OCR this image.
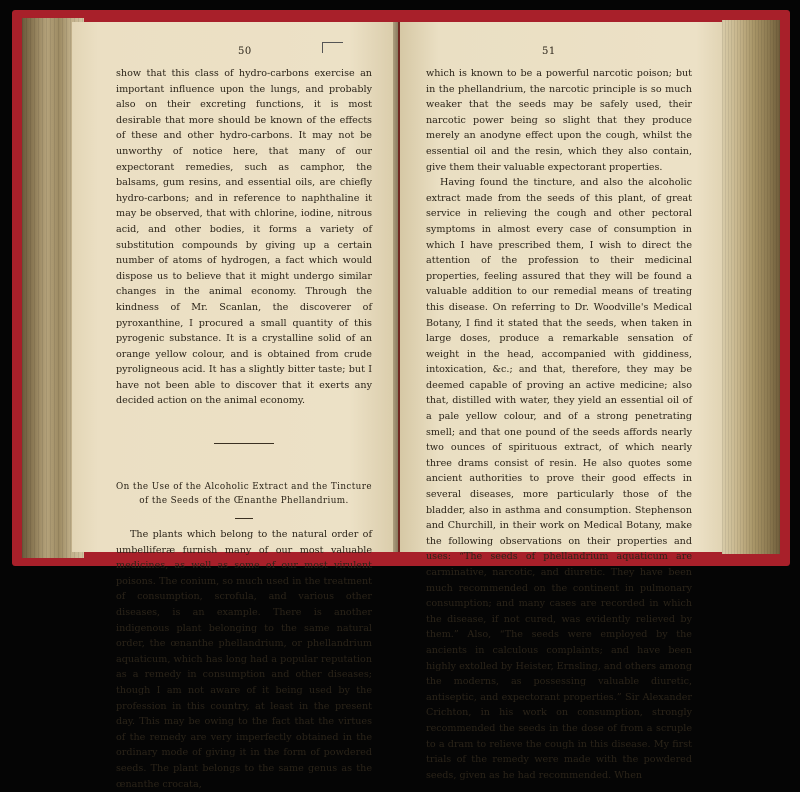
50

show that this class of hydro-carbons exercise an important influence upon the lungs, and probably also on their excreting functions, it is most desirable that more should be known of the effects of these and other hydro-carbons. It may not be unworthy of notice here, that many of our expectorant remedies, such as camphor, the balsams, gum resins, and essential oils, are chiefly hydro-carbons; and in reference to naphthaline it may be observed, that with chlorine, iodine, nitrous acid, and other bodies, it forms a variety of substitution compounds by giving up a certain number of atoms of hydrogen, a fact which would dispose us to believe that it might undergo similar changes in the animal economy. Through the kindness of Mr. Scanlan, the discoverer of pyroxanthine, I procured a small quantity of this pyrogenic substance. It is a crystalline solid of an orange yellow colour, and is obtained from crude pyroligneous acid. It has a slightly bitter taste; but I have not been able to discover that it exerts any decided action on the animal economy.

On the Use of the Alcoholic Extract and the Tincture of the Seeds of the Œnanthe Phellandrium.

The plants which belong to the natural order of umbelliferæ furnish many of our most valuable medicines, as well as some of our most virulent poisons. The conium, so much used in the treatment of consumption, scrofula, and various other diseases, is an example. There is another indigenous plant belonging to the same natural order, the œnanthe phellandrium, or phellandrium aquaticum, which has long had a popular reputation as a remedy in consumption and other diseases; though I am not aware of it being used by the profession in this country, at least in the present day. This may be owing to the fact that the virtues of the remedy are very imperfectly obtained in the ordinary mode of giving it in the form of powdered seeds. The plant belongs to the same genus as the œnanthe crocata,

51

which is known to be a powerful narcotic poison; but in the phellandrium, the narcotic principle is so much weaker that the seeds may be safely used, their narcotic power being so slight that they produce merely an anodyne effect upon the cough, whilst the essential oil and the resin, which they also contain, give them their valuable expectorant properties.

Having found the tincture, and also the alcoholic extract made from the seeds of this plant, of great service in relieving the cough and other pectoral symptoms in almost every case of consumption in which I have prescribed them, I wish to direct the attention of the profession to their medicinal properties, feeling assured that they will be found a valuable addition to our remedial means of treating this disease. On referring to Dr. Woodville's Medical Botany, I find it stated that the seeds, when taken in large doses, produce a remarkable sensation of weight in the head, accompanied with giddiness, intoxication, &c.; and that, therefore, they may be deemed capable of proving an active medicine; also that, distilled with water, they yield an essential oil of a pale yellow colour, and of a strong penetrating smell; and that one pound of the seeds affords nearly two ounces of spirituous extract, of which nearly three drams consist of resin. He also quotes some ancient authorities to prove their good effects in several diseases, more particularly those of the bladder, also in asthma and consumption. Stephenson and Churchill, in their work on Medical Botany, make the following observations on their properties and uses: “The seeds of phellandrium aquaticum are carminative, narcotic, and diuretic. They have been much recommended on the continent in pulmonary consumption; and many cases are recorded in which the disease, if not cured, was evidently relieved by them.” Also, “The seeds were employed by the ancients in calculous complaints; and have been highly extolled by Heister, Ernsling, and others among the moderns, as possessing valuable diuretic, antiseptic, and expectorant properties.” Sir Alexander Crichton, in his work on consumption, strongly recommended the seeds in the dose of from a scruple to a dram to relieve the cough in this disease. My first trials of the remedy were made with the powdered seeds, given as he had recommended. When
